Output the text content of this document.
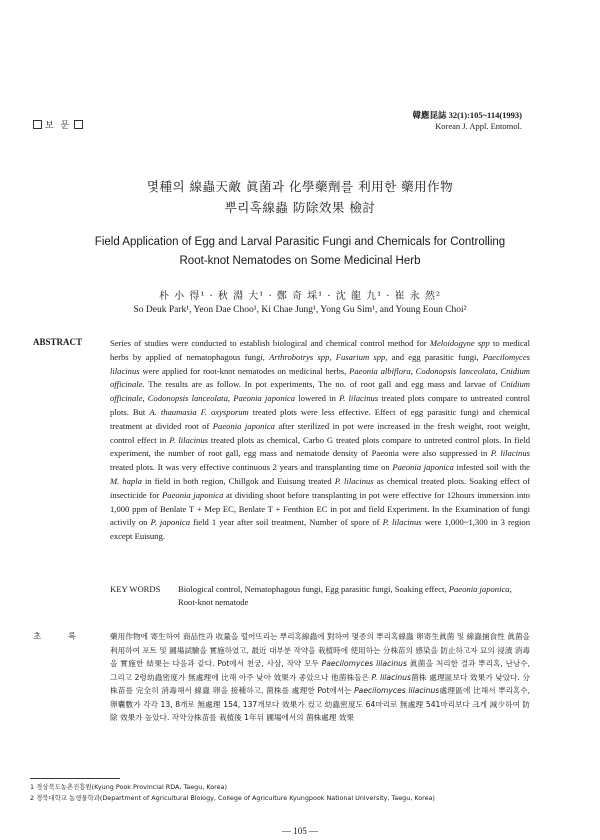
보 문
韓應昆誌 32(1):105~114(1993)
Korean J. Appl. Entomol.
몇種의 線蟲天敵 眞菌과 化學藥劑를 利用한 藥用作物
뿌리혹線蟲 防除效果 檢討
Field Application of Egg and Larval Parasitic Fungi and Chemicals for Controlling
Root-knot Nematodes on Some Medicinal Herb
朴 小 得¹ · 秋 淵 大¹ · 鄭 奇 埰¹ · 沈 龍 九¹ · 崔 永 然²
So Deuk Park¹, Yeon Dae Choo¹, Ki Chae Jung¹, Yong Gu Sim¹, and Young Eoun Choi²
ABSTRACT	Series of studies were conducted to establish biological and chemical control method for Meloidogyne spp to medical herbs by applied of nematophagous fungi, Arthrobotrys spp, Fusarium spp, and egg parasitic fungi, Paecilomyces lilacinus were applied for root-knot nematodes on medicinal herbs, Paeonia albiflora, Codonopsis lanceolata, Cnidium officinale. The results are as follow. In pot experiments, The no. of root gall and egg mass and larvae of Cnidium officinale, Codonopsis lanceolata, Paeonia japonica lowered in P. lilacinus treated plots compare to untreated control plots. But A. thaumasia F. oxysporum treated plots were less effective. Effect of egg parasitic fungi and chemical treatment at divided root of Paeonia japonica after sterilized in pot were increased in the fresh weight, root weight, control effect in P. lilacinus treated plots as chemical, Carbo G treated plots compare to untreted control plots. In field experiment, the number of root gall, egg mass and nematode density of Paeonia were also suppressed in P. lilacinus treated plots. It was very effective continuous 2 years and transplanting time on Paeonia japonica infested soil with the M. hapla in field in both region, Chillgok and Euisung treated P. lilacinus as chemical treated plots. Soaking effect of insecticide for Paeonia japonica at dividing shoot before transplanting in pot were effective for 12hours immersion into 1,000 ppm of Benlate T + Mep EC, Benlate T + Fenthion EC in pot and field Experiment. In the Examination of fungi activily on P. japonica field 1 year after soil treatment, Number of spore of P. lilacinus were 1,000~1,300 in 3 region except Euisung.
KEY WORDS Biological control, Nematophagous fungi, Egg parasitic fungi, Soaking effect, Paeonia japonica, Root-knot nematode
초 록	藥用作物에 寄生하여 商品性과 收量을 떨어뜨리는 뿌리혹線蟲에 對하여 몇종의 뿌리혹線蟲 卵寄生眞菌 및 線蟲捕食性 眞菌을 利用하여 포트 및 圃場試驗을 實施하였고, 最近 대부분 작약을 栽植時에 使用하는 分株苗의 感染을 防止하고자 묘의 浸漬 消毒을 實施한 結果는 다음과 같다. Pot에서 천궁, 사삼, 작약 모두 Paecilomyces lilacinus 眞菌을 처리한 결과 뿌리혹, 난낭수, 그리고 2령幼蟲密度가 無處理에 比해 아주 낮아 效果가 좋았으나 他菌株들은 P. lilacinus菌株 處理區보다 效果가 낮았다. 分株苗를 完全히 消毒해서 線蟲 卵을 接種하고, 菌株를 處理한 Pot에서는 Paecilomyces lilacinus處理區에 比해서 뿌리혹수, 卵囊數가 각각 13, 8개로 無處理 154, 137개보다 效果가 컸고 幼蟲密度도 64마리로 無處理 541마리보다 크게 減少하여 防除 效果가 높았다. 작약分株苗를 栽植後 1年뒤 圃場에서의 菌株處理 效果
1 경상북도농촌진흥원(Kyung Pook Provincial RDA, Taegu, Korea)
2 경북대학교 농생물학과(Department of Agricultural Biology, College of Agricuiture Kyungpook National University, Taegu, Korea)
— 105 —
